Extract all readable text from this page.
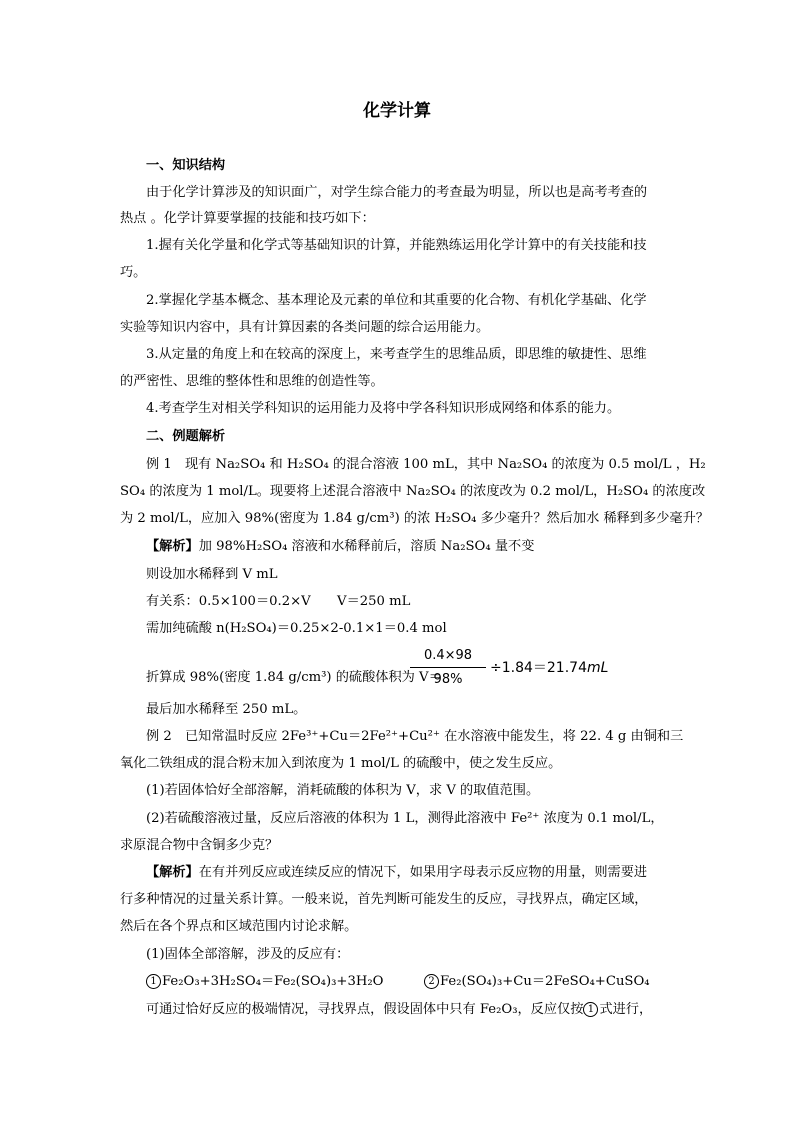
化学计算
一、知识结构
由于化学计算涉及的知识面广，对学生综合能力的考查最为明显，所以也是高考考查的
热点 。化学计算要掌握的技能和技巧如下：
1.握有关化学量和化学式等基础知识的计算，并能熟练运用化学计算中的有关技能和技
巧。
2.掌握化学基本概念、基本理论及元素的单位和其重要的化合物、有机化学基础、化学
实验等知识内容中，具有计算因素的各类问题的综合运用能力。
3.从定量的角度上和在较高的深度上，来考查学生的思维品质，即思维的敏捷性、思维
的严密性、思维的整体性和思维的创造性等。
4.考查学生对相关学科知识的运用能力及将中学各科知识形成网络和体系的能力。
二、例题解析
例 1　现有 Na₂SO₄ 和 H₂SO₄ 的混合溶液 100 mL，其中 Na₂SO₄ 的浓度为 0.5 mol/L ，H₂
SO₄ 的浓度为 1 mol/L。现要将上述混合溶液中 Na₂SO₄ 的浓度改为 0.2 mol/L，H₂SO₄ 的浓度改
为 2 mol/L，应加入 98%(密度为 1.84 g/cm³) 的浓 H₂SO₄ 多少毫升？然后加水 稀释到多少毫升？
【解析】加 98%H₂SO₄ 溶液和水稀释前后，溶质 Na₂SO₄ 量不变
则设加水稀释到 V mL
有关系：0.5×100＝0.2×V　　V＝250 mL
需加纯硫酸 n(H₂SO₄)＝0.25×2-0.1×1＝0.4 mol
折算成 98%(密度 1.84 g/cm³) 的硫酸体积为 V＝
0.4×98
98%
÷1.84＝21.74mL
最后加水稀释至 250 mL。
例 2　已知常温时反应 2Fe³⁺+Cu＝2Fe²⁺+Cu²⁺ 在水溶液中能发生，将 22. 4 g 由铜和三
氧化二铁组成的混合粉末加入到浓度为 1 mol/L 的硫酸中，使之发生反应。
(1)若固体恰好全部溶解，消耗硫酸的体积为 V，求 V 的取值范围。
(2)若硫酸溶液过量，反应后溶液的体积为 1 L，测得此溶液中 Fe²⁺ 浓度为 0.1 mol/L，
求原混合物中含铜多少克？
【解析】在有并列反应或连续反应的情况下，如果用字母表示反应物的用量，则需要进
行多种情况的过量关系计算。一般来说，首先判断可能发生的反应，寻找界点，确定区域，
然后在各个界点和区域范围内讨论求解。
(1)固体全部溶解，涉及的反应有：
1 Fe₂O₃+3H₂SO₄＝Fe₂(SO₄)₃+3H₂O	2 Fe₂(SO₄)₃+Cu＝2FeSO₄+CuSO₄
可通过恰好反应的极端情况，寻找界点，假设固体中只有 Fe₂O₃，反应仅按 1 式进行，
